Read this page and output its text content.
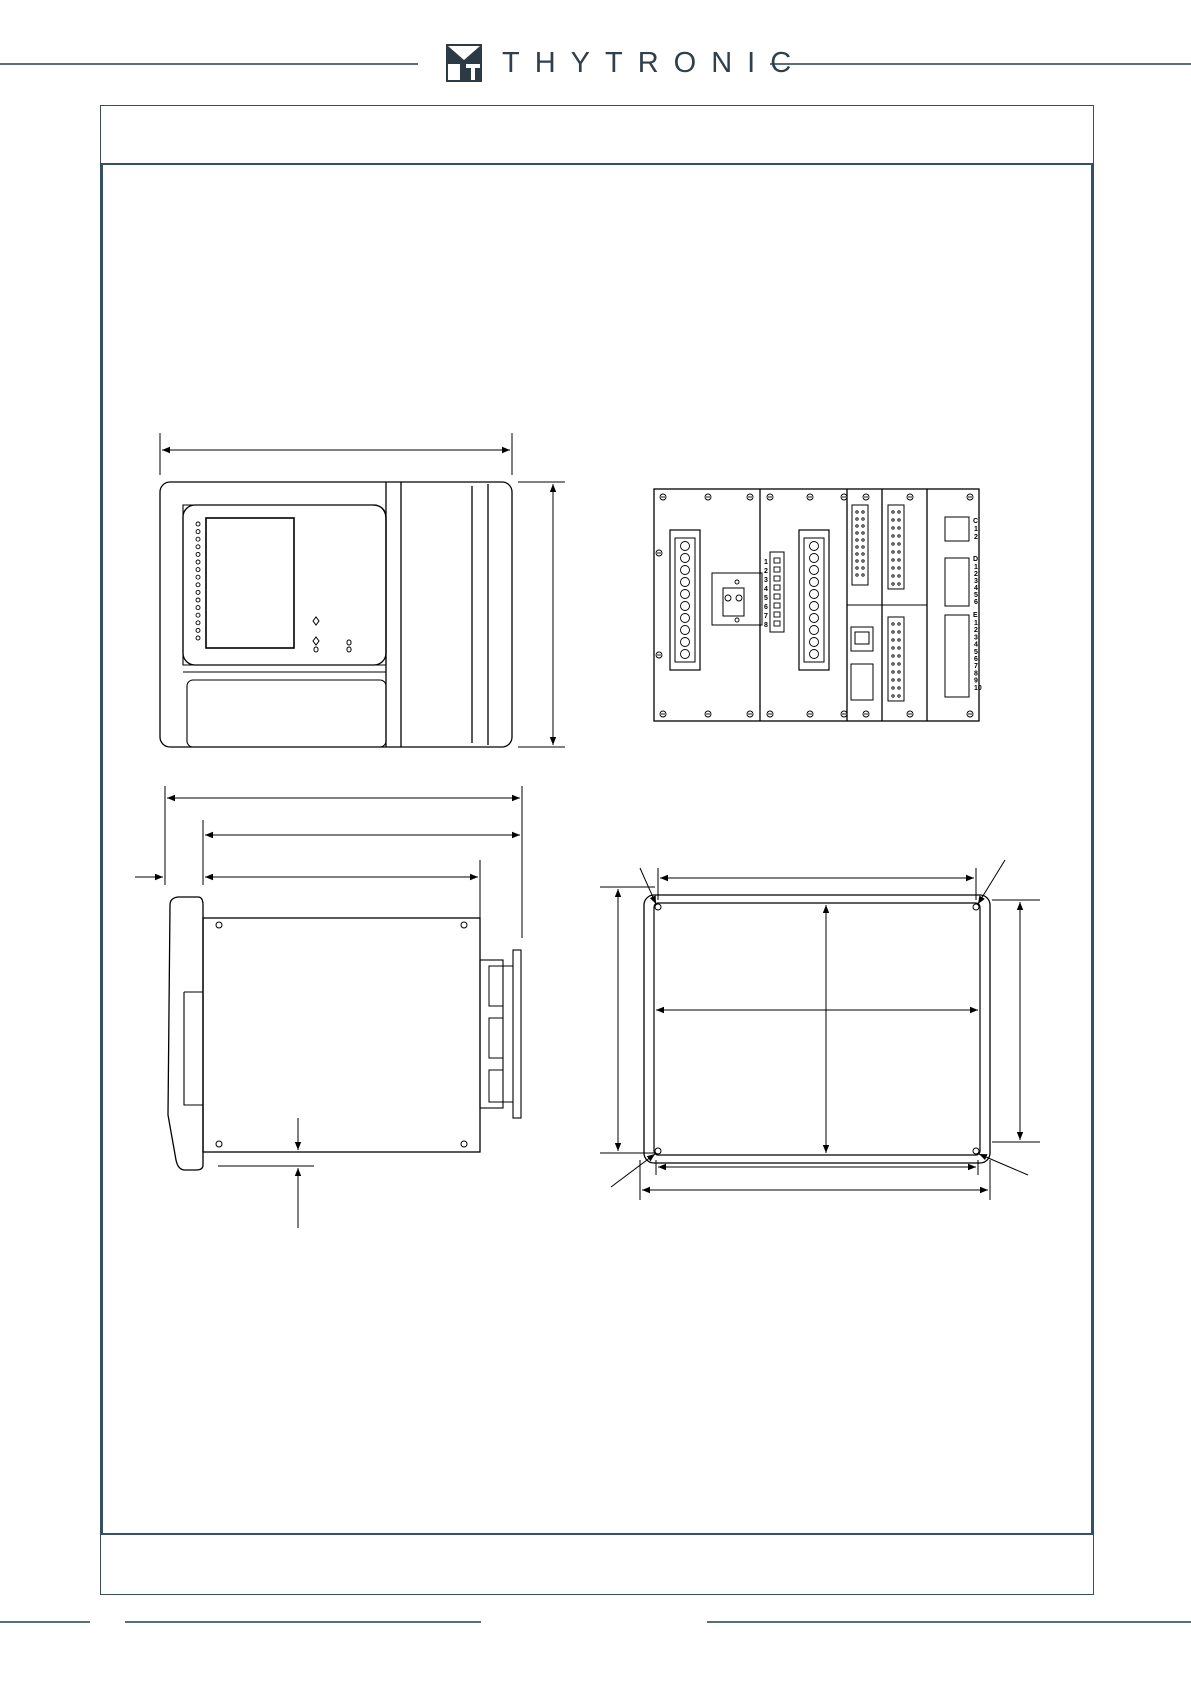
THYTRONIC
C
D
E
1
2
1
2
3
4
5
6
1
2
3
4
5
6
7
8
9
10
1
2
3
4
5
6
7
8
